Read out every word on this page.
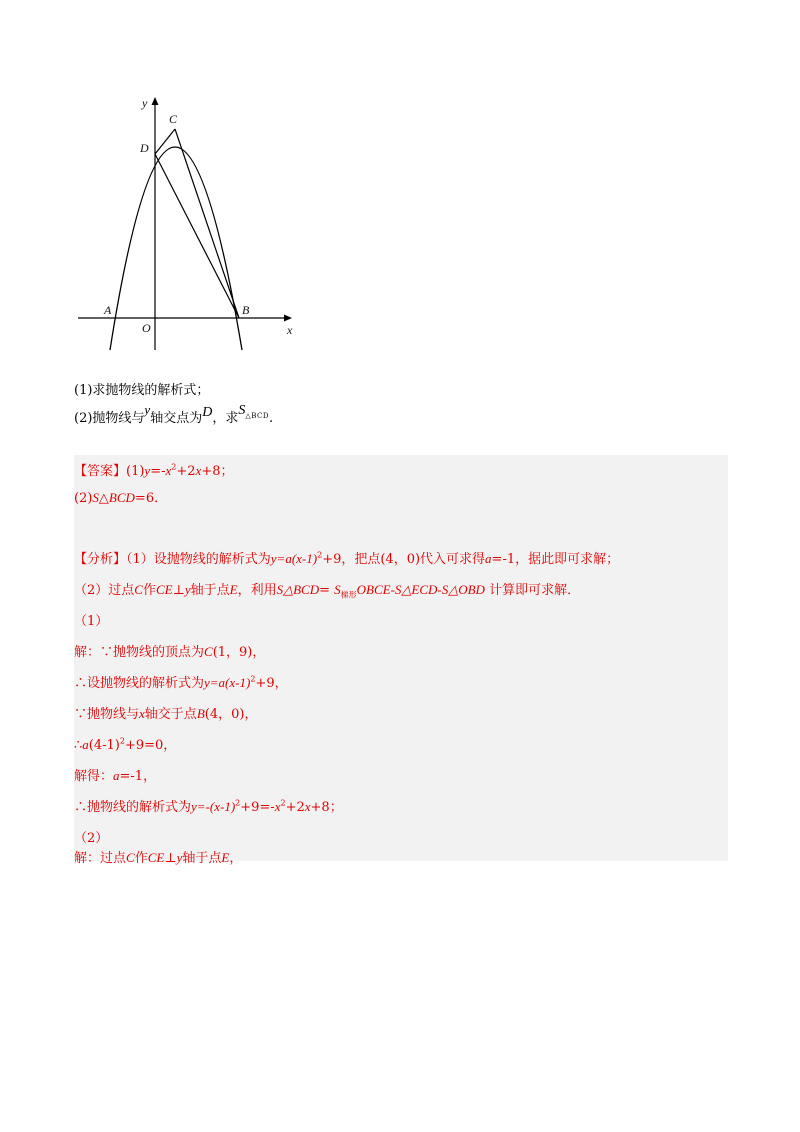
y
x
O
A	B
C
D
(1)求抛物线的解析式；
(2)抛物线与y轴交点为D，求$S_{\triangle BCD}$.
【答案】$(1)y=-x^2+2x+8$；
(2)S△BCD=6．
【分析】（1）设抛物线的解析式为$y=a(x-1)^2+9$，把点(4，0)代入可求得a=-1，据此即可求解；
（2）过点C作CE⊥y轴于点E，利用S△BCD= $S_{梯形}OBCE-S\triangle ECD-S\triangle OBD$ 计算即可求解．
（1）
解：∵抛物线的顶点为C(1，9)，
∴设抛物线的解析式为$y=a(x-1)^2+9$，
∵抛物线与x轴交于点B(4，0)，
$\therefore a(4-1)^2+9=0$，
解得：a=-1，
∴抛物线的解析式为$y=-(x-1)^2+9=-x^2+2x+8$；
（2）
解：过点C作CE⊥y轴于点E，
